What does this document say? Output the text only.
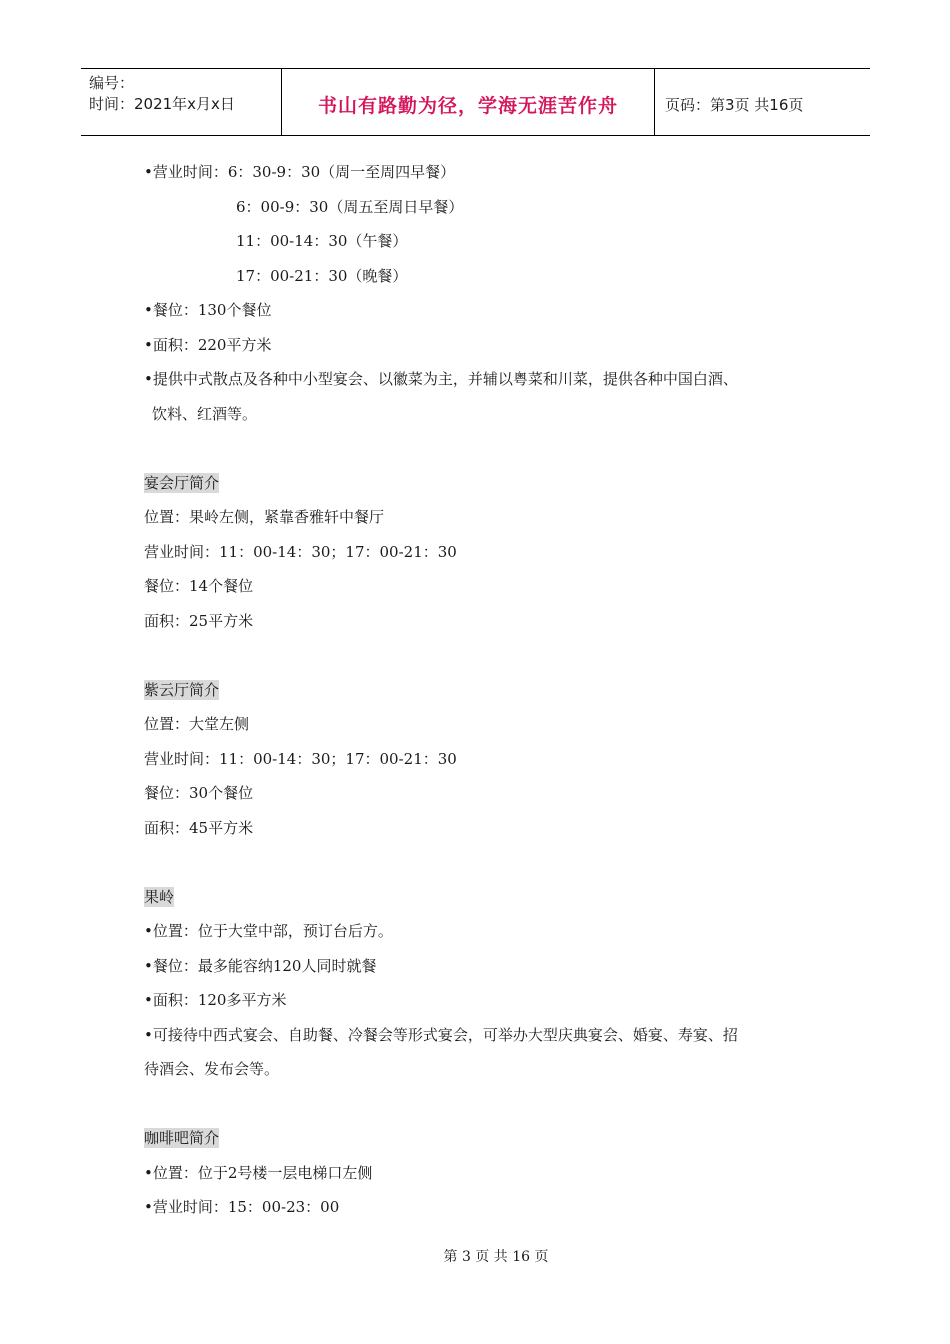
编号：
时间：2021年x月x日	书山有路勤为径，学海无涯苦作舟	页码：第3页 共16页
•营业时间：6：30-9：30（周一至周四早餐）
6：00-9：30（周五至周日早餐）
11：00-14：30（午餐）
17：00-21：30（晚餐）
•餐位：130个餐位
•面积：220平方米
•提供中式散点及各种中小型宴会、以徽菜为主，并辅以粤菜和川菜，提供各种中国白酒、
饮料、红酒等。
宴会厅简介
位置：果岭左侧，紧靠香雅轩中餐厅
营业时间：11：00-14：30；17：00-21：30
餐位：14个餐位
面积：25平方米
紫云厅简介
位置：大堂左侧
营业时间：11：00-14：30；17：00-21：30
餐位：30个餐位
面积：45平方米
果岭
•位置：位于大堂中部，预订台后方。
•餐位：最多能容纳120人同时就餐
•面积：120多平方米
•可接待中西式宴会、自助餐、冷餐会等形式宴会，可举办大型庆典宴会、婚宴、寿宴、招
待酒会、发布会等。
咖啡吧简介
•位置：位于2号楼一层电梯口左侧
•营业时间：15：00-23：00
第 3 页 共 16 页
